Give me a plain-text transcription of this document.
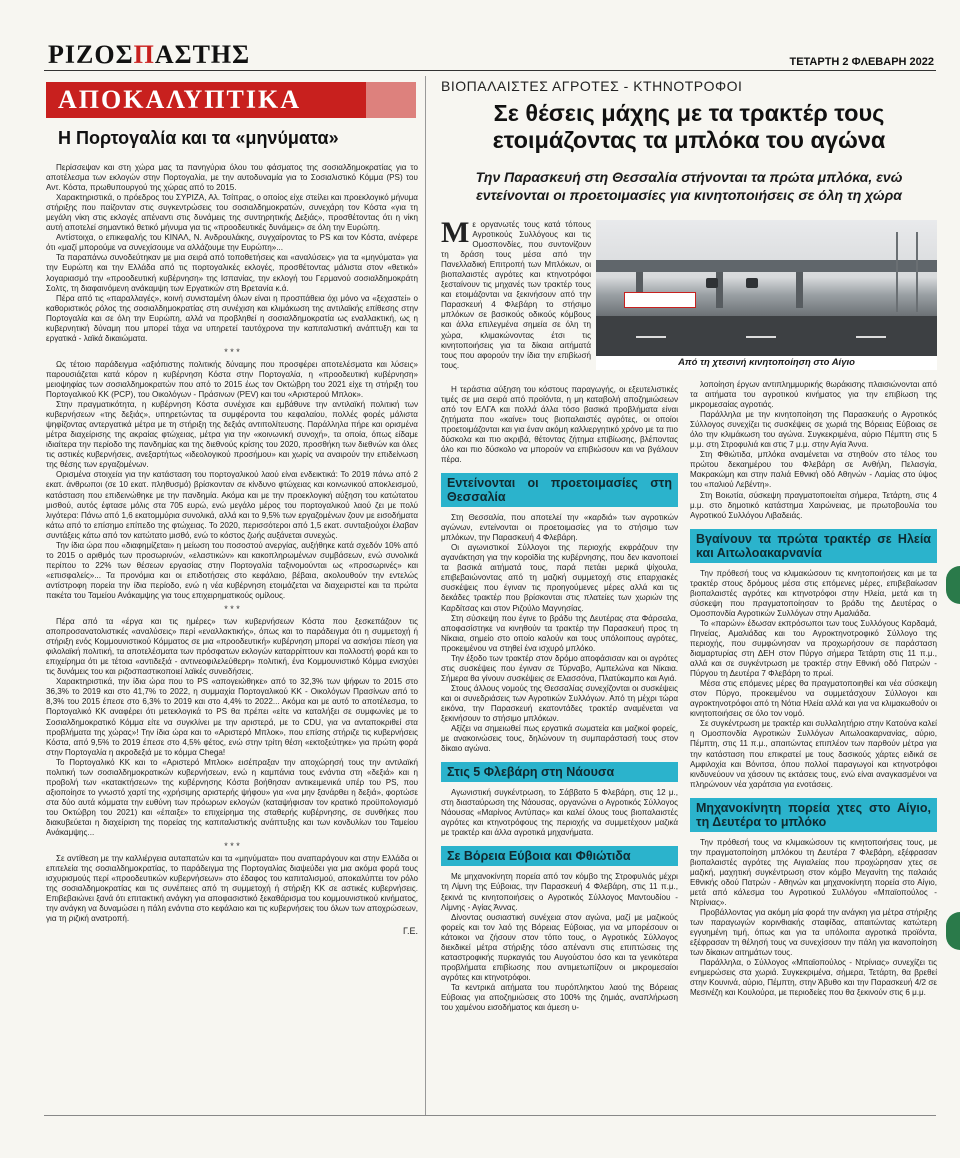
ΡΙΖΟΣΠΑΣΤΗΣ	ΤΕΤΑΡΤΗ 2 ΦΛΕΒΑΡΗ 2022
ΑΠΟΚΑΛΥΠΤΙΚΑ
Η Πορτογαλία και τα «μηνύματα»

Περίσσεψαν και στη χώρα μας τα πανηγύρια όλου του φάσματος της σοσιαλδημοκρατίας για το αποτέλεσμα των εκλογών στην Πορτογαλία, με την αυτοδυναμία για το Σοσιαλιστικό Κόμμα (PS) του Αντ. Κόστα, πρωθυπουργού της χώρας από το 2015.

Χαρακτηριστικά, ο πρόεδρος του ΣΥΡΙΖΑ, Αλ. Τσίπρας, ο οποίος είχε στείλει και προεκλογικό μήνυμα στήριξης που παίζονταν στις συγκεντρώσεις του σοσιαλδημοκρατών, συνεχάρη τον Κόστα «για τη μεγάλη νίκη στις εκλογές απέναντι στις δυνάμεις της συντηρητικής Δεξιάς», προσθέτοντας ότι η νίκη αυτή αποτελεί σημαντικό θετικό μήνυμα για τις «προοδευτικές δυνάμεις» σε όλη την Ευρώπη.

Αντίστοιχα, ο επικεφαλής του ΚΙΝΑΛ, Ν. Ανδρουλάκης, συγχαίροντας το PS και τον Κόστα, ανέφερε ότι «μαζί μπορούμε να συνεχίσουμε να αλλάζουμε την Ευρώπη»...

Τα παραπάνω συνοδεύτηκαν με μια σειρά από τοποθετήσεις και «αναλύσεις» για τα «μηνύματα» για την Ευρώπη και την Ελλάδα από τις πορτογαλικές εκλογές, προσθέτοντας μάλιστα στον «θετικό» λογαριασμό την «προοδευτική κυβέρνηση» της Ισπανίας, την εκλογή του Γερμανού σοσιαλδημοκράτη Σολτς, τη διαφαινόμενη ανάκαμψη των Εργατικών στη Βρετανία κ.ά.

Πέρα από τις «παραλλαγές», κοινή συνισταμένη όλων είναι η προσπάθεια όχι μόνο να «ξεχαστεί» ο καθοριστικός ρόλος της σοσιαλδημοκρατίας στη συνέχιση και κλιμάκωση της αντιλαϊκής επίθεσης στην Πορτογαλία και σε όλη την Ευρώπη, αλλά να προβληθεί η σοσιαλδημοκρατία ως εναλλακτική, ως η κυβερνητική δύναμη που μπορεί τάχα να υπηρετεί ταυτόχρονα την καπιταλιστική ανάπτυξη και τα εργατικά - λαϊκά δικαιώματα.

* * *

Ως τέτοιο παράδειγμα «αξιόπιστης πολιτικής δύναμης που προσφέρει αποτελέσματα και λύσεις» παρουσιάζεται κατά κόρον η κυβέρνηση Κόστα στην Πορτογαλία, η «προοδευτική κυβέρνηση» μειοψηφίας των σοσιαλδημοκρατών που από το 2015 έως τον Οκτώβρη του 2021 είχε τη στήριξη του Πορτογαλικού ΚΚ (PCP), του Οικολόγων - Πράσινων (PEV) και του «Αριστερού Μπλοκ».

Στην πραγματικότητα, η κυβέρνηση Κόστα συνέχισε και εμβάθυνε την αντιλαϊκή πολιτική των κυβερνήσεων «της δεξιάς», υπηρετώντας τα συμφέροντα του κεφαλαίου, πολλές φορές μάλιστα ψηφίζοντας αντεργατικά μέτρα με τη στήριξη της δεξιάς αντιπολίτευσης. Παράλληλα πήρε και ορισμένα μέτρα διαχείρισης της ακραίας φτώχειας, μέτρα για την «κοινωνική συνοχή», τα οποία, όπως είδαμε ιδιαίτερα την περίοδο της πανδημίας και της διεθνούς κρίσης του 2020, προσθήκη των διεθνών και όλες τις αστικές κυβερνήσεις, ανεξαρτήτως «ιδεολογικού προσήμου» και χωρίς να αναιρούν την επιδείνωση της θέσης των εργαζομένων.

Ορισμένα στοιχεία για την κατάσταση του πορτογαλικού λαού είναι ενδεικτικά: Το 2019 πάνω από 2 εκατ. άνθρωποι (σε 10 εκατ. πληθυσμό) βρίσκονταν σε κίνδυνο φτώχειας και κοινωνικού αποκλεισμού, κατάσταση που επιδεινώθηκε με την πανδημία. Ακόμα και με την προεκλογική αύξηση του κατώτατου μισθού, αυτός έφτασε μόλις στα 705 ευρώ, ενώ μεγάλο μέρος του πορτογαλικού λαού ζει με πολύ λιγότερα: Πάνω από 1,6 εκατομμύρια συνολικά, αλλά και το 9,5% των εργαζομένων ζουν με εισοδήματα κάτω από το επίσημο επίπεδο της φτώχειας. Το 2020, περισσότεροι από 1,5 εκατ. συνταξιούχοι έλαβαν συντάξεις κάτω από τον κατώτατο μισθό, ενώ το κόστος ζωής αυξάνεται συνεχώς.

Την ίδια ώρα που «διαφημίζεται» η μείωση του ποσοστού ανεργίας, αυξήθηκε κατά σχεδόν 10% από το 2015 ο αριθμός των προσωρινών, «ελαστικών» και κακοπληρωμένων συμβάσεων, ενώ συνολικά περίπου το 22% των θέσεων εργασίας στην Πορτογαλία ταξινομούνται ως «προσωρινές» και «επισφαλείς»... Τα προνόμια και οι επιδοτήσεις στο κεφάλαιο, βέβαια, ακολουθούν την εντελώς αντίστροφη πορεία την ίδια περίοδο, ενώ η νέα κυβέρνηση ετοιμάζεται να διαχειριστεί και τα πρώτα πακέτα του Ταμείου Ανάκαμψης για τους επιχειρηματικούς ομίλους.

* * *

Πέρα από τα «έργα και τις ημέρες» των κυβερνήσεων Κόστα που ξεσκεπάζουν τις αποπροσανατολιστικές «αναλύσεις» περί «εναλλακτικής», όπως και το παράδειγμα ότι η συμμετοχή ή στήριξη ενός Κομμουνιστικού Κόμματος σε μια «προοδευτική» κυβέρνηση μπορεί να ασκήσει πίεση για φιλολαϊκή πολιτική, τα αποτελέσματα των πρόσφατων εκλογών καταρρίπτουν και πολλοστή φορά και το επιχείρημα ότι με τέτοια «αντιδεξιά - αντινεοφιλελεύθερη» πολιτική, ένα Κομμουνιστικό Κόμμα ενισχύει τις δυνάμεις του και ριζοσπαστικοποιεί λαϊκές συνειδήσεις.

Χαρακτηριστικά, την ίδια ώρα που το PS «απογειώθηκε» από το 32,3% των ψήφων το 2015 στο 36,3% το 2019 και στο 41,7% το 2022, η συμμαχία Πορτογαλικού ΚΚ - Οικολόγων Πρασίνων από το 8,3% του 2015 έπεσε στο 6,3% το 2019 και στο 4,4% το 2022... Ακόμα και με αυτό το αποτέλεσμα, το Πορτογαλικό ΚΚ αναφέρει ότι μετεκλογικά το PS θα πρέπει «είτε να καταλήξει σε συμφωνίες με το Σοσιαλδημοκρατικό Κόμμα είτε να συγκλίνει με την αριστερά, με το CDU, για να ανταποκριθεί στα προβλήματα της χώρας»! Την ίδια ώρα και το «Αριστερό Μπλοκ», που επίσης στήριζε τις κυβερνήσεις Κόστα, από 9,5% το 2019 έπεσε στο 4,5% φέτος, ενώ στην τρίτη θέση «εκτοξεύτηκε» για πρώτη φορά στην Πορτογαλία η ακροδεξιά με το κόμμα Chega!

Το Πορτογαλικό ΚΚ και το «Αριστερό Μπλοκ» εισέπραξαν την αποχώρησή τους την αντιλαϊκή πολιτική των σοσιαλδημοκρατικών κυβερνήσεων, ενώ η καμπάνια τους ενάντια στη «δεξιά» και η προβολή των «κατακτήσεων» της κυβέρνησης Κόστα βοήθησαν αντικειμενικά υπέρ του PS, που αξιοποίησε το γνωστό χαρτί της «χρήσιμης αριστερής ψήφου» για «να μην ξανάρθει η δεξιά», φορτώσε στα δύο αυτά κόμματα την ευθύνη των πρόωρων εκλογών (καταψήφισαν τον κρατικό προϋπολογισμό του Οκτώβρη του 2021) και «έπαιξε» το επιχείρημα της σταθερής κυβέρνησης, σε συνθήκες που διακυβεύεται η διαχείριση της πορείας της καπιταλιστικής ανάπτυξης και των κονδυλίων του Ταμείου Ανάκαμψης...

* * *

Σε αντίθεση με την καλλιέργεια αυταπατών και τα «μηνύματα» που αναπαράγουν και στην Ελλάδα οι επιτελεία της σοσιαλδημοκρατίας, το παράδειγμα της Πορτογαλίας διαψεύδει για μια ακόμα φορά τους ισχυρισμούς περί «προοδευτικών κυβερνήσεων» στο έδαφος του καπιταλισμού, αποκαλύπτει τον ρόλο της σοσιαλδημοκρατίας και τις συνέπειες από τη συμμετοχή ή στήριξη ΚΚ σε αστικές κυβερνήσεις. Επιβεβαιώνει ξανά ότι επιτακτική ανάγκη για αποφασιστικό ξεκαθάρισμα του κομμουνιστικού κινήματος, την ανάγκη να δυναμώσει η πάλη ενάντια στο κεφάλαιο και τις κυβερνήσεις του όλων των αποχρώσεων, για τη ριζική ανατροπή.

Γ.Ε.
ΒΙΟΠΑΛΑΙΣΤΕΣ ΑΓΡΟΤΕΣ - ΚΤΗΝΟΤΡΟΦΟΙ
Σε θέσεις μάχης με τα τρακτέρ τους ετοιμάζοντας τα μπλόκα του αγώνα
Την Παρασκευή στη Θεσσαλία στήνονται τα πρώτα μπλόκα, ενώ εντείνονται οι προετοιμασίες για κινητοποιήσεις σε όλη τη χώρα
Από τη χτεσινή κινητοποίηση στο Αίγιο
Με οργανωτές τους κατά τόπους Αγροτικούς Συλλόγους και τις Ομοσπονδίες, που συντονίζουν τη δράση τους μέσα από την Πανελλαδική Επιτροπή των Μπλόκων, οι βιοπαλαιστές αγρότες και κτηνοτρόφοι ξεσταίνουν τις μηχανές των τρακτέρ τους και ετοιμάζονται να ξεκινήσουν από την Παρασκευή 4 Φλεβάρη το στήσιμο μπλόκων σε βασικούς οδικούς κόμβους και άλλα επιλεγμένα σημεία σε όλη τη χώρα, κλιμακώνοντας έτσι τις κινητοποιήσεις για τα δίκαια αιτήματά τους που αφορούν την ίδια την επιβίωσή τους.

Η τεράστια αύξηση του κόστους παραγωγής, οι εξευτελιστικές τιμές σε μια σειρά από προϊόντα, η μη καταβολή αποζημιώσεων από τον ΕΛΓΑ και πολλά άλλα τόσο βασικά προβλήματα είναι ζητήματα που «καίνε» τους βιοπαλαιστές αγρότες, οι οποίοι προετοιμάζονται και για έναν ακόμη καλλιεργητικό χρόνο με τα πιο δύσκολα και πιο ακριβά, θέτοντας ζήτημα επιβίωσης, βλέποντας όλο και πιο δύσκολο να μπορούν να επιβιώσουν και να βγάλουν πέρα.

Εντείνονται οι προετοιμασίες στη Θεσσαλία

Στη Θεσσαλία, που αποτελεί την «καρδιά» των αγροτικών αγώνων, εντείνονται οι προετοιμασίες για το στήσιμο των μπλόκων, την Παρασκευή 4 Φλεβάρη.

Οι αγωνιστικοί Σύλλογοι της περιοχής εκφράζουν την αγανάκτηση για την κοροϊδία της κυβέρνησης, που δεν ικανοποιεί τα βασικά αιτήματά τους, παρά πετάει μερικά ψίχουλα, επιβεβαιώνοντας από τη μαζική συμμετοχή στις επαρχιακές συσκέψεις που έγιναν τις προηγούμενες μέρες αλλά και τις δεκάδες τρακτέρ που βρίσκονται στις πλατείες των χωριών της Καρδίτσας και στον Ριζούλο Μαγνησίας.

Στη σύσκεψη που έγινε το βράδυ της Δευτέρας στα Φάρσαλα, αποφασίστηκε να κινηθούν τα τρακτέρ την Παρασκευή προς τη Νίκαια, σημείο στο οποίο καλούν και τους υπόλοιπους αγρότες, προκειμένου να στηθεί ένα ισχυρό μπλόκο.

Την έξοδο των τρακτέρ στον δρόμο αποφάσισαν και οι αγρότες στις συσκέψεις που έγιναν σε Τύρναβο, Αμπελώνα και Νίκαια. Σήμερα θα γίνουν συσκέψεις σε Ελασσόνα, Πλατύκαμπο και Αγιά.

Στους άλλους νομούς της Θεσσαλίας συνεχίζονται οι συσκέψεις και οι συνεδριάσεις των Αγροτικών Συλλόγων. Από τη μέχρι τώρα εικόνα, την Παρασκευή εκατοντάδες τρακτέρ αναμένεται να ξεκινήσουν το στήσιμο μπλόκων.

Αξίζει να σημειωθεί πως εργατικά σωματεία και μαζικοί φορείς, με ανακοινώσεις τους, δηλώνουν τη συμπαράστασή τους στον δίκαιο αγώνα.

Στις 5 Φλεβάρη στη Νάουσα

Αγωνιστική συγκέντρωση, το Σάββατο 5 Φλεβάρη, στις 12 μ., στη διασταύρωση της Νάουσας, οργανώνει ο Αγροτικός Σύλλογος Νάουσας «Μαρίνος Αντύπας» και καλεί όλους τους βιοπαλαιστές αγρότες και κτηνοτρόφους της περιοχής να συμμετέχουν μαζικά με τρακτέρ και άλλα αγροτικά μηχανήματα.

Σε Βόρεια Εύβοια και Φθιώτιδα

Με μηχανοκίνητη πορεία από τον κόμβο της Στροφυλιάς μέχρι τη Λίμνη της Εύβοιας, την Παρασκευή 4 Φλεβάρη, στις 11 π.μ., ξεκινά τις κινητοποιήσεις ο Αγροτικός Σύλλογος Μαντουδίου - Λίμνης - Αγίας Άννας.

Δίνοντας ουσιαστική συνέχεια στον αγώνα, μαζί με μαζικούς φορείς και τον λαό της Βόρειας Εύβοιας, για να μπορέσουν οι κάτοικοι να ζήσουν στον τόπο τους, ο Αγροτικός Σύλλογος διεκδικεί μέτρα στήριξης τόσο απέναντι στις επιπτώσεις της καταστροφικής πυρκαγιάς του Αυγούστου όσο και τα γενικότερα προβλήματα επιβίωσης που αντιμετωπίζουν οι μικρομεσαίοι αγρότες και κτηνοτρόφοι.

Τα κεντρικά αιτήματα του πυρόπληκτου λαού της Βόρειας Εύβοιας για αποζημιώσεις στο 100% της ζημιάς, αναπλήρωση του χαμένου εισοδήματος και άμεση υ-

λοποίηση έργων αντιπλημμυρικής θωράκισης πλαισιώνονται από τα αιτήματα του αγροτικού κινήματος για την επιβίωση της μικρομεσαίας αγροτιάς.

Παράλληλα με την κινητοποίηση της Παρασκευής ο Αγροτικός Σύλλογος συνεχίζει τις συσκέψεις σε χωριά της Βόρειας Εύβοιας σε όλο την κλιμάκωση του αγώνα. Συγκεκριμένα, αύριο Πέμπτη στις 5 μ.μ. στη Στροφυλιά και στις 7 μ.μ. στην Αγία Άννα.

Στη Φθιώτιδα, μπλόκα αναμένεται να στηθούν στο τέλος του πρώτου δεκαημέρου του Φλεβάρη σε Ανθήλη, Πελασγία, Μακρακώμη και στην παλιά Εθνική οδό Αθηνών - Λαμίας στο ύψος του «παλιού Λεβέντη».

Στη Βοιωτία, σύσκεψη πραγματοποιείται σήμερα, Τετάρτη, στις 4 μ.μ. στο δημοτικό κατάστημα Χαιρώνειας, με πρωτοβουλία του Αγροτικού Συλλόγου Λιβαδειάς.

Βγαίνουν τα πρώτα τρακτέρ σε Ηλεία και Αιτωλοακαρνανία

Την πρόθεσή τους να κλιμακώσουν τις κινητοποιήσεις και με τα τρακτέρ στους δρόμους μέσα στις επόμενες μέρες, επιβεβαίωσαν βιοπαλαιστές αγρότες και κτηνοτρόφοι στην Ηλεία, μετά και τη σύσκεψη που πραγματοποίησαν το βράδυ της Δευτέρας ο Ομοσπονδία Αγροτικών Συλλόγων στην Αμαλιάδα.

Το «παρών» έδωσαν εκπρόσωποι των τους Συλλόγους Καρδαμά, Πηνείας, Αμαλιάδας και του Αγροκτηνοτροφικό Σύλλογο της περιοχής, που συμφώνησαν να προχωρήσουν σε παράσταση διαμαρτυρίας στη ΔΕΗ στον Πύργο σήμερα Τετάρτη στις 11 π.μ., αλλά και σε συγκέντρωση με τρακτέρ στην Εθνική οδό Πατρών - Πύργου τη Δευτέρα 7 Φλεβάρη το πρωί.

Μέσα στις επόμενες μέρες θα πραγματοποιηθεί και νέα σύσκεψη στον Πύργο, προκειμένου να συμμετάσχουν Σύλλογοι και αγροκτηνοτρόφοι από τη Νότια Ηλεία αλλά και για να κλιμακωθούν οι κινητοποιήσεις σε όλο τον νομό.

Σε συγκέντρωση με τρακτέρ και συλλαλητήριο στην Κατούνα καλεί η Ομοσπονδία Αγροτικών Συλλόγων Αιτωλοακαρνανίας, αύριο, Πέμπτη, στις 11 π.μ., απαιτώντας επιπλέον των παρθούν μέτρα για την κατάσταση που επικρατεί με τους δασικούς χάρτες ειδικά σε Αμφιλοχία και Βόνιτσα, όπου πολλοί παραγωγοί και κτηνοτρόφοι κινδυνεύουν να χάσουν τις εκτάσεις τους, ενώ είναι αναγκασμένοι να πληρώνουν νέα χαράτσια για ενοτάσεις.

Μηχανοκίνητη πορεία χτες στο Αίγιο, τη Δευτέρα το μπλόκο

Την πρόθεσή τους να κλιμακώσουν τις κινητοποιήσεις τους, με την πραγματοποίηση μπλόκου τη Δευτέρα 7 Φλεβάρη, εξέφρασαν βιοπαλαιστές αγρότες της Αιγιαλείας που προχώρησαν χτες σε μαζική, μαχητική συγκέντρωση στον κόμβο Μεγανίτη της παλαιάς Εθνικής οδού Πατρών - Αθηνών και μηχανοκίνητη πορεία στο Αίγιο, μετά από κάλεσμα του Αγροτικού Συλλόγου «Μπαϊοπούλος - Ντρίνιας».

Προβάλλοντας για ακόμη μία φορά την ανάγκη για μέτρα στήριξης των παραγωγών κορινθιακής σταφίδας, απαιτώντας κατώτερη εγγυημένη τιμή, όπως και για τα υπόλοιπα αγροτικά προϊόντα, εξέφρασαν τη θέλησή τους να συνεχίσουν την πάλη για ικανοποίηση των δίκαιων αιτημάτων τους.

Παράλληλα, ο Σύλλογος «Μπαϊοπούλος - Ντρίνιας» συνεχίζει τις ενημερώσεις στα χωριά. Συγκεκριμένα, σήμερα, Τετάρτη, θα βρεθεί στην Κουνινά, αύριο, Πέμπτη, στην Άβυθο και την Παρασκευή 4/2 σε Μεσινέζη και Κουλούρα, με περιοδείες που θα ξεκινούν στις 6 μ.μ.
